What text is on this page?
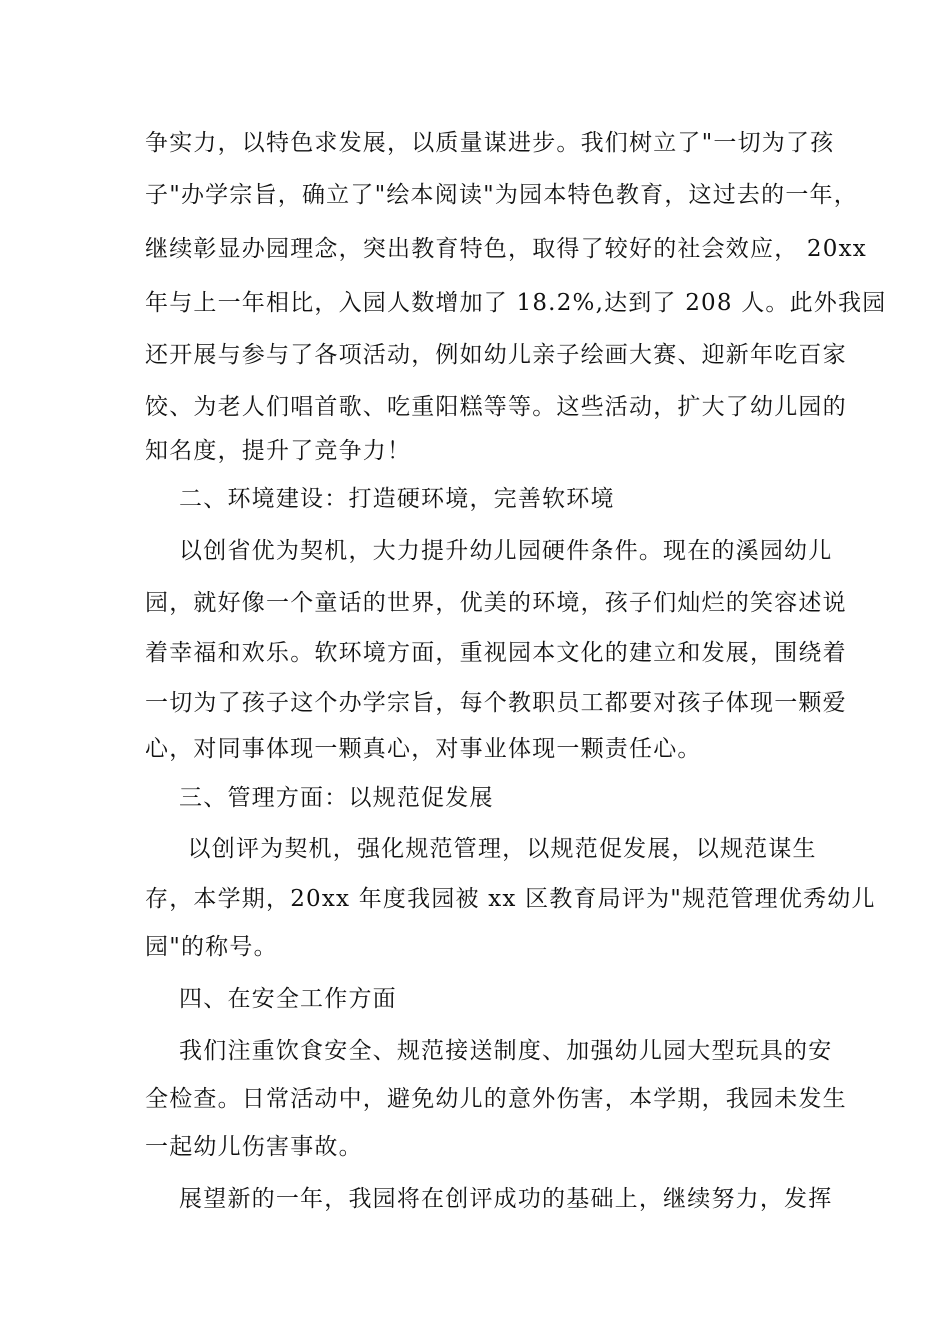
争实力，以特色求发展，以质量谋进步。我们树立了"一切为了孩

子"办学宗旨，确立了"绘本阅读"为园本特色教育，这过去的一年，

继续彰显办园理念，突出教育特色，取得了较好的社会效应， 20xx

年与上一年相比，入园人数增加了 18.2%,达到了 208 人。此外我园

还开展与参与了各项活动，例如幼儿亲子绘画大赛、迎新年吃百家

饺、为老人们唱首歌、吃重阳糕等等。这些活动，扩大了幼儿园的

知名度，提升了竞争力！

二、环境建设：打造硬环境，完善软环境

以创省优为契机，大力提升幼儿园硬件条件。现在的溪园幼儿

园，就好像一个童话的世界，优美的环境，孩子们灿烂的笑容述说

着幸福和欢乐。软环境方面，重视园本文化的建立和发展，围绕着

一切为了孩子这个办学宗旨，每个教职员工都要对孩子体现一颗爱

心，对同事体现一颗真心，对事业体现一颗责任心。

三、管理方面：以规范促发展

以创评为契机，强化规范管理，以规范促发展，以规范谋生

存，本学期，20xx 年度我园被 xx 区教育局评为"规范管理优秀幼儿

园"的称号。

四、在安全工作方面

我们注重饮食安全、规范接送制度、加强幼儿园大型玩具的安

全检查。日常活动中，避免幼儿的意外伤害，本学期，我园未发生

一起幼儿伤害事故。

展望新的一年，我园将在创评成功的基础上，继续努力，发挥
